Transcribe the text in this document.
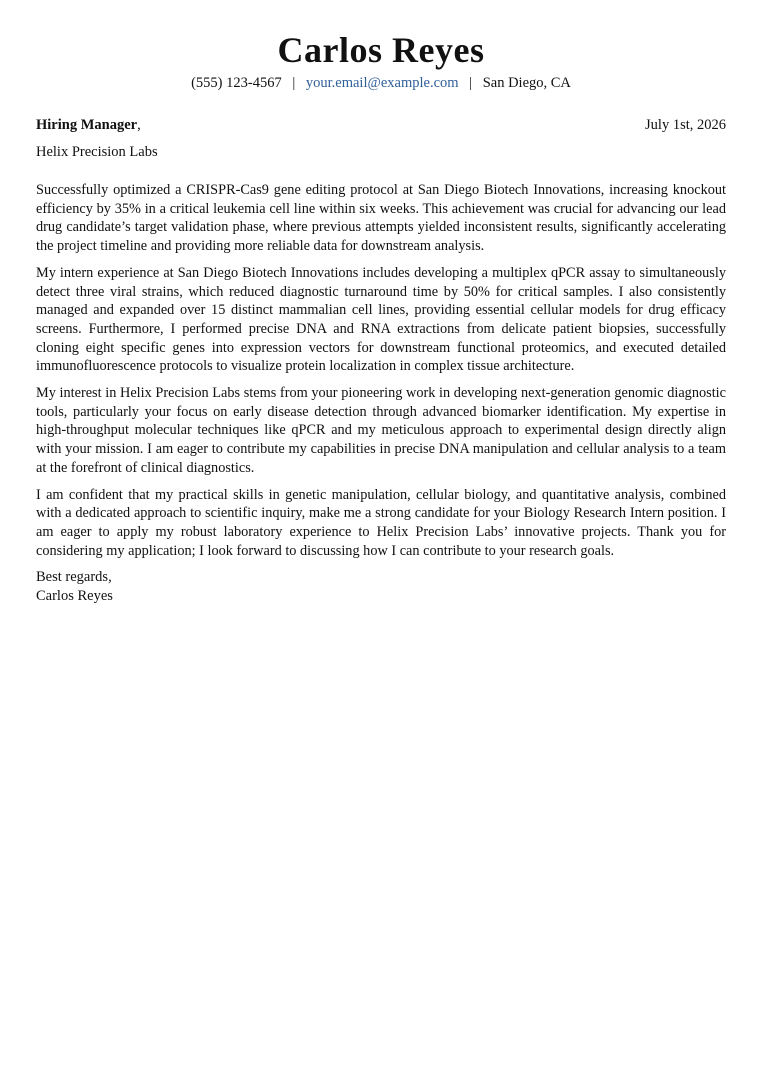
Carlos Reyes
(555) 123-4567 | your.email@example.com | San Diego, CA
Hiring Manager,	July 1st, 2026
Helix Precision Labs

Successfully optimized a CRISPR-Cas9 gene editing protocol at San Diego Biotech Innovations, increasing knockout efficiency by 35% in a critical leukemia cell line within six weeks. This achievement was crucial for advancing our lead drug candidate’s target validation phase, where previous attempts yielded inconsistent results, significantly accelerating the project timeline and providing more reliable data for downstream analysis.

My intern experience at San Diego Biotech Innovations includes developing a multiplex qPCR assay to simultaneously detect three viral strains, which reduced diagnostic turnaround time by 50% for critical samples. I also consistently managed and expanded over 15 distinct mammalian cell lines, providing essential cellular models for drug efficacy screens. Furthermore, I performed precise DNA and RNA extractions from delicate patient biopsies, successfully cloning eight specific genes into expression vectors for downstream functional proteomics, and executed detailed immunofluorescence protocols to visualize protein localization in complex tissue architecture.

My interest in Helix Precision Labs stems from your pioneering work in developing next-generation genomic diagnostic tools, particularly your focus on early disease detection through advanced biomarker identification. My expertise in high-throughput molecular techniques like qPCR and my meticulous approach to experimental design directly align with your mission. I am eager to contribute my capabilities in precise DNA manipulation and cellular analysis to a team at the forefront of clinical diagnostics.

I am confident that my practical skills in genetic manipulation, cellular biology, and quantitative analysis, combined with a dedicated approach to scientific inquiry, make me a strong candidate for your Biology Research Intern position. I am eager to apply my robust laboratory experience to Helix Precision Labs’ innovative projects. Thank you for considering my application; I look forward to discussing how I can contribute to your research goals.

Best regards,
Carlos Reyes
